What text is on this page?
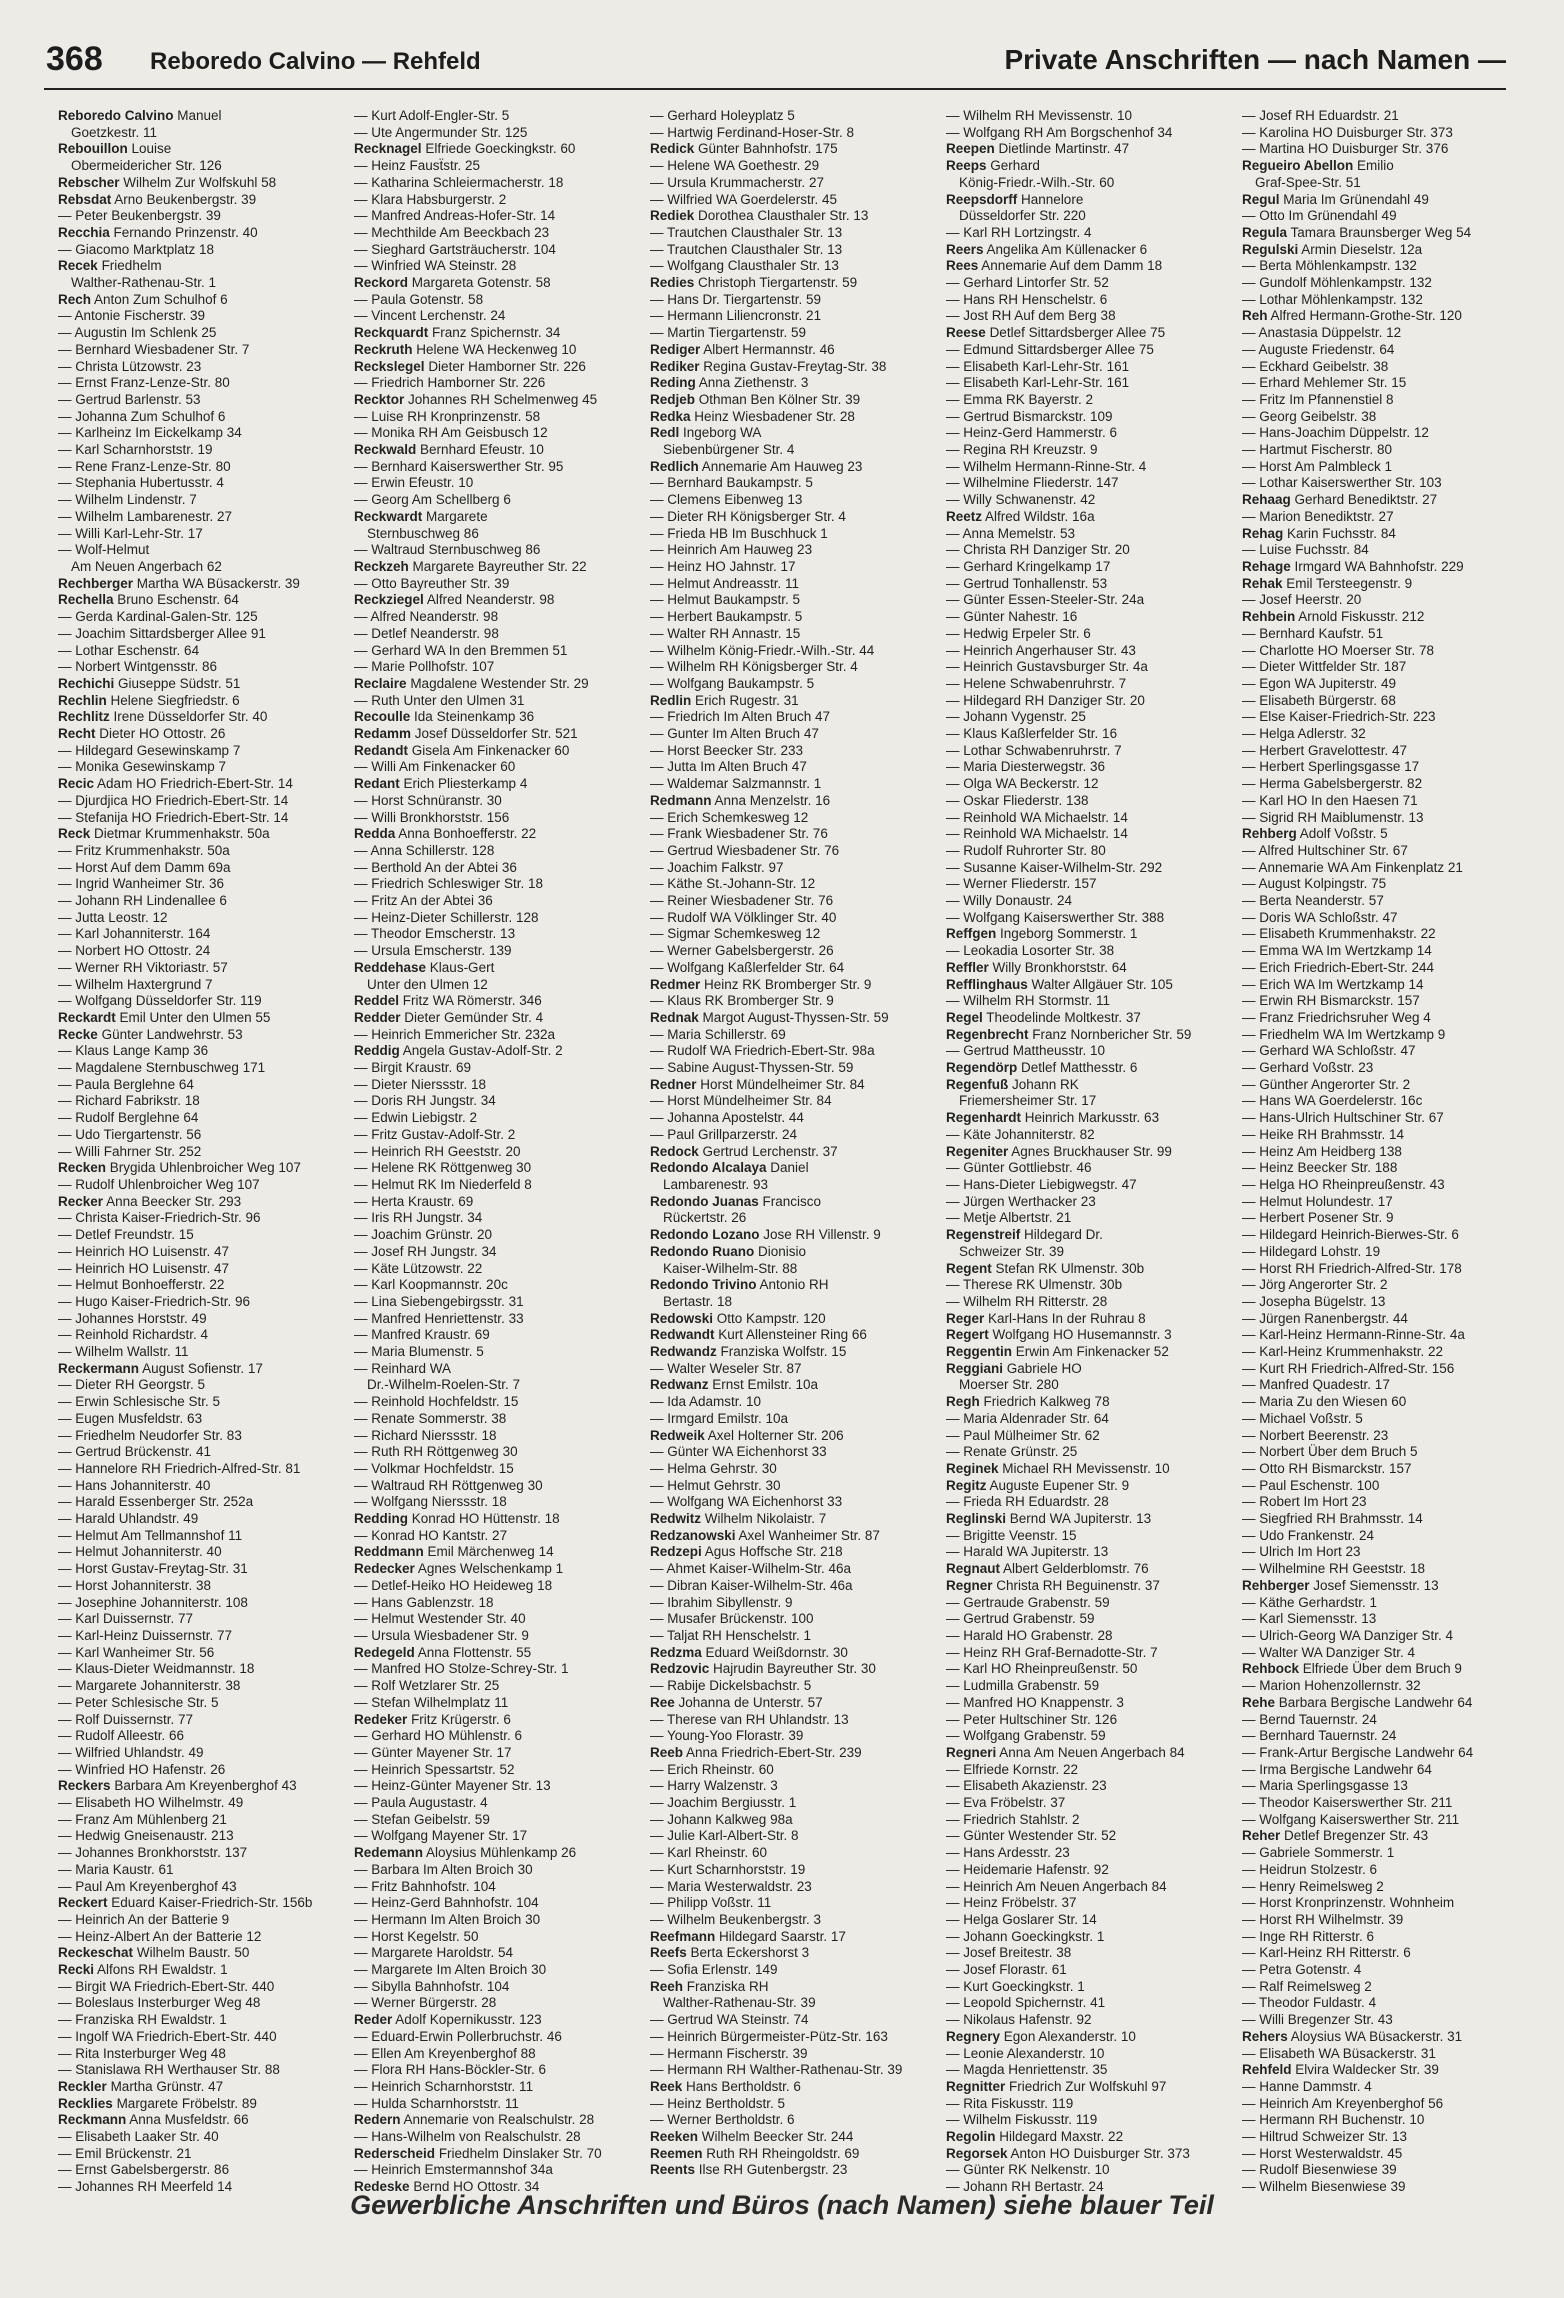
368 Reboredo Calvino — Rehfeld	Private Anschriften — nach Namen —
Reboredo Calvino Manuel
Goetzkestr. 11
Rebouillon Louise
Obermeidericher Str. 126
Rebscher Wilhelm Zur Wolfskuhl 58
Rebsdat Arno Beukenbergstr. 39
— Peter Beukenbergstr. 39
Recchia Fernando Prinzenstr. 40
— Giacomo Marktplatz 18
Recek Friedhelm
Walther-Rathenau-Str. 1
Rech Anton Zum Schulhof 6
— Antonie Fischerstr. 39
— Augustin Im Schlenk 25
— Bernhard Wiesbadener Str. 7
— Christa Lützowstr. 23
— Ernst Franz-Lenze-Str. 80
— Gertrud Barlenstr. 53
— Johanna Zum Schulhof 6
— Karlheinz Im Eickelkamp 34
— Karl Scharnhorststr. 19
— Rene Franz-Lenze-Str. 80
— Stephania Hubertusstr. 4
— Wilhelm Lindenstr. 7
— Wilhelm Lambarenestr. 27
— Willi Karl-Lehr-Str. 17
— Wolf-Helmut
Am Neuen Angerbach 62
Rechberger Martha WA Büsackerstr. 39
Rechella Bruno Eschenstr. 64
— Gerda Kardinal-Galen-Str. 125
— Joachim Sittardsberger Allee 91
— Lothar Eschenstr. 64
— Norbert Wintgensstr. 86
Rechichi Giuseppe Südstr. 51
Rechlin Helene Siegfriedstr. 6
Rechlitz Irene Düsseldorfer Str. 40
Recht Dieter HO Ottostr. 26
— Hildegard Gesewinskamp 7
— Monika Gesewinskamp 7
Recic Adam HO Friedrich-Ebert-Str. 14
— Djurdjica HO Friedrich-Ebert-Str. 14
— Stefanija HO Friedrich-Ebert-Str. 14
Reck Dietmar Krummenhakstr. 50a
— Fritz Krummenhakstr. 50a
— Horst Auf dem Damm 69a
— Ingrid Wanheimer Str. 36
— Johann RH Lindenallee 6
— Jutta Leostr. 12
— Karl Johanniterstr. 164
— Norbert HO Ottostr. 24
— Werner RH Viktoriastr. 57
— Wilhelm Haxtergrund 7
— Wolfgang Düsseldorfer Str. 119
Reckardt Emil Unter den Ulmen 55
Recke Günter Landwehrstr. 53
— Klaus Lange Kamp 36
— Magdalene Sternbuschweg 171
— Paula Berglehne 64
— Richard Fabrikstr. 18
— Rudolf Berglehne 64
— Udo Tiergartenstr. 56
— Willi Fahrner Str. 252
Recken Brygida Uhlenbroicher Weg 107
— Rudolf Uhlenbroicher Weg 107
Recker Anna Beecker Str. 293
— Christa Kaiser-Friedrich-Str. 96
— Detlef Freundstr. 15
— Heinrich HO Luisenstr. 47
— Heinrich HO Luisenstr. 47
— Helmut Bonhoefferstr. 22
— Hugo Kaiser-Friedrich-Str. 96
— Johannes Horststr. 49
— Reinhold Richardstr. 4
— Wilhelm Wallstr. 11
Reckermann August Sofienstr. 17
— Dieter RH Georgstr. 5
— Erwin Schlesische Str. 5
— Eugen Musfeldstr. 63
— Friedhelm Neudorfer Str. 83
— Gertrud Brückenstr. 41
— Hannelore RH Friedrich-Alfred-Str. 81
— Hans Johanniterstr. 40
— Harald Essenberger Str. 252a
— Harald Uhlandstr. 49
— Helmut Am Tellmannshof 11
— Helmut Johanniterstr. 40
— Horst Gustav-Freytag-Str. 31
— Horst Johanniterstr. 38
— Josephine Johanniterstr. 108
— Karl Duissernstr. 77
— Karl-Heinz Duissernstr. 77
— Karl Wanheimer Str. 56
— Klaus-Dieter Weidmannstr. 18
— Margarete Johanniterstr. 38
— Peter Schlesische Str. 5
— Rolf Duissernstr. 77
— Rudolf Alleestr. 66
— Wilfried Uhlandstr. 49
— Winfried HO Hafenstr. 26
Reckers Barbara Am Kreyenberghof 43
— Elisabeth HO Wilhelmstr. 49
— Franz Am Mühlenberg 21
— Hedwig Gneisenaustr. 213
— Johannes Bronkhorststr. 137
— Maria Kaustr. 61
— Paul Am Kreyenberghof 43
Reckert Eduard Kaiser-Friedrich-Str. 156b
— Heinrich An der Batterie 9
— Heinz-Albert An der Batterie 12
Reckeschat Wilhelm Baustr. 50
Recki Alfons RH Ewaldstr. 1
— Birgit WA Friedrich-Ebert-Str. 440
— Boleslaus Insterburger Weg 48
— Franziska RH Ewaldstr. 1
— Ingolf WA Friedrich-Ebert-Str. 440
— Rita Insterburger Weg 48
— Stanislawa RH Werthauser Str. 88
Reckler Martha Grünstr. 47
Recklies Margarete Fröbelstr. 89
Reckmann Anna Musfeldstr. 66
— Elisabeth Laaker Str. 40
— Emil Brückenstr. 21
— Ernst Gabelsbergerstr. 86
— Johannes RH Meerfeld 14
— Kurt Adolf-Engler-Str. 5
— Ute Angermunder Str. 125
Recknagel Elfriede Goeckingkstr. 60
— Heinz Fausẗstr. 25
— Katharina Schleiermacherstr. 18
— Klara Habsburgerstr. 2
— Manfred Andreas-Hofer-Str. 14
— Mechthilde Am Beeckbach 23
— Sieghard Gartsträucherstr. 104
— Winfried WA Steinstr. 28
Reckord Margareta Gotenstr. 58
— Paula Gotenstr. 58
— Vincent Lerchenstr. 24
Reckquardt Franz Spichernstr. 34
Reckruth Helene WA Heckenweg 10
Reckslegel Dieter Hamborner Str. 226
— Friedrich Hamborner Str. 226
Recktor Johannes RH Schelmenweg 45
— Luise RH Kronprinzenstr. 58
— Monika RH Am Geisbusch 12
Reckwald Bernhard Efeustr. 10
— Bernhard Kaiserswerther Str. 95
— Erwin Efeustr. 10
— Georg Am Schellberg 6
Reckwardt Margarete
Sternbuschweg 86
— Waltraud Sternbuschweg 86
Reckzeh Margarete Bayreuther Str. 22
— Otto Bayreuther Str. 39
Reckziegel Alfred Neanderstr. 98
— Alfred Neanderstr. 98
— Detlef Neanderstr. 98
— Gerhard WA In den Bremmen 51
— Marie Pollhofstr. 107
Reclaire Magdalene Westender Str. 29
— Ruth Unter den Ulmen 31
Recoulle Ida Steinenkamp 36
Redamm Josef Düsseldorfer Str. 521
Redandt Gisela Am Finkenacker 60
— Willi Am Finkenacker 60
Redant Erich Pliesterkamp 4
— Horst Schnüranstr. 30
— Willi Bronkhorststr. 156
Redda Anna Bonhoefferstr. 22
— Anna Schillerstr. 128
— Berthold An der Abtei 36
— Friedrich Schleswiger Str. 18
— Fritz An der Abtei 36
— Heinz-Dieter Schillerstr. 128
— Theodor Emscherstr. 13
— Ursula Emscherstr. 139
Reddehase Klaus-Gert
Unter den Ulmen 12
Reddel Fritz WA Römerstr. 346
Redder Dieter Gemünder Str. 4
— Heinrich Emmericher Str. 232a
Reddig Angela Gustav-Adolf-Str. 2
— Birgit Kraustr. 69
— Dieter Nierssstr. 18
— Doris RH Jungstr. 34
— Edwin Liebigstr. 2
— Fritz Gustav-Adolf-Str. 2
— Heinrich RH Geeststr. 20
— Helene RK Röttgenweg 30
— Helmut RK Im Niederfeld 8
— Herta Kraustr. 69
— Iris RH Jungstr. 34
— Joachim Grünstr. 20
— Josef RH Jungstr. 34
— Käte Lützowstr. 22
— Karl Koopmannstr. 20c
— Lina Siebengebirgsstr. 31
— Manfred Henriettenstr. 33
— Manfred Kraustr. 69
— Maria Blumenstr. 5
— Reinhard WA
Dr.-Wilhelm-Roelen-Str. 7
— Reinhold Hochfeldstr. 15
— Renate Sommerstr. 38
— Richard Nierssstr. 18
— Ruth RH Röttgenweg 30
— Volkmar Hochfeldstr. 15
— Waltraud RH Röttgenweg 30
— Wolfgang Nierssstr. 18
Redding Konrad HO Hüttenstr. 18
— Konrad HO Kantstr. 27
Reddmann Emil Märchenweg 14
Redecker Agnes Welschenkamp 1
— Detlef-Heiko HO Heideweg 18
— Hans Gablenzstr. 18
— Helmut Westender Str. 40
— Ursula Wiesbadener Str. 9
Redegeld Anna Flottenstr. 55
— Manfred HO Stolze-Schrey-Str. 1
— Rolf Wetzlarer Str. 25
— Stefan Wilhelmplatz 11
Redeker Fritz Krügerstr. 6
— Gerhard HO Mühlenstr. 6
— Günter Mayener Str. 17
— Heinrich Spessartstr. 52
— Heinz-Günter Mayener Str. 13
— Paula Augustastr. 4
— Stefan Geibelstr. 59
— Wolfgang Mayener Str. 17
Redemann Aloysius Mühlenkamp 26
— Barbara Im Alten Broich 30
— Fritz Bahnhofstr. 104
— Heinz-Gerd Bahnhofstr. 104
— Hermann Im Alten Broich 30
— Horst Kegelstr. 50
— Margarete Haroldstr. 54
— Margarete Im Alten Broich 30
— Sibylla Bahnhofstr. 104
— Werner Bürgerstr. 28
Reder Adolf Kopernikusstr. 123
— Eduard-Erwin Pollerbruchstr. 46
— Ellen Am Kreyenberghof 88
— Flora RH Hans-Böckler-Str. 6
— Heinrich Scharnhorststr. 11
— Hulda Scharnhorststr. 11
Redern Annemarie von Realschulstr. 28
— Hans-Wilhelm von Realschulstr. 28
Rederscheid Friedhelm Dinslaker Str. 70
— Heinrich Emstermannshof 34a
Redeske Bernd HO Ottostr. 34
— Gerhard Holeyplatz 5
— Hartwig Ferdinand-Hoser-Str. 8
Redick Günter Bahnhofstr. 175
— Helene WA Goethestr. 29
— Ursula Krummacherstr. 27
— Wilfried WA Goerdelerstr. 45
Rediek Dorothea Clausthaler Str. 13
— Trautchen Clausthaler Str. 13
— Trautchen Clausthaler Str. 13
— Wolfgang Clausthaler Str. 13
Redies Christoph Tiergartenstr. 59
— Hans Dr. Tiergartenstr. 59
— Hermann Liliencronstr. 21
— Martin Tiergartenstr. 59
Rediger Albert Hermannstr. 46
Rediker Regina Gustav-Freytag-Str. 38
Reding Anna Ziethenstr. 3
Redjeb Othman Ben Kölner Str. 39
Redka Heinz Wiesbadener Str. 28
Redl Ingeborg WA
Siebenbürgener Str. 4
Redlich Annemarie Am Hauweg 23
— Bernhard Baukampstr. 5
— Clemens Eibenweg 13
— Dieter RH Königsberger Str. 4
— Frieda HB Im Buschhuck 1
— Heinrich Am Hauweg 23
— Heinz HO Jahnstr. 17
— Helmut Andreasstr. 11
— Helmut Baukampstr. 5
— Herbert Baukampstr. 5
— Walter RH Annastr. 15
— Wilhelm König-Friedr.-Wilh.-Str. 44
— Wilhelm RH Königsberger Str. 4
— Wolfgang Baukampstr. 5
Redlin Erich Rugestr. 31
— Friedrich Im Alten Bruch 47
— Gunter Im Alten Bruch 47
— Horst Beecker Str. 233
— Jutta Im Alten Bruch 47
— Waldemar Salzmannstr. 1
Redmann Anna Menzelstr. 16
— Erich Schemkesweg 12
— Frank Wiesbadener Str. 76
— Gertrud Wiesbadener Str. 76
— Joachim Falkstr. 97
— Käthe St.-Johann-Str. 12
— Reiner Wiesbadener Str. 76
— Rudolf WA Völklinger Str. 40
— Sigmar Schemkesweg 12
— Werner Gabelsbergerstr. 26
— Wolfgang Kaßlerfelder Str. 64
Redmer Heinz RK Bromberger Str. 9
— Klaus RK Bromberger Str. 9
Rednak Margot August-Thyssen-Str. 59
— Maria Schillerstr. 69
— Rudolf WA Friedrich-Ebert-Str. 98a
— Sabine August-Thyssen-Str. 59
Redner Horst Mündelheimer Str. 84
— Horst Mündelheimer Str. 84
— Johanna Apostelstr. 44
— Paul Grillparzerstr. 24
Redock Gertrud Lerchenstr. 37
Redondo Alcalaya Daniel
Lambarenestr. 93
Redondo Juanas Francisco
Rückertstr. 26
Redondo Lozano Jose RH Villenstr. 9
Redondo Ruano Dionisio
Kaiser-Wilhelm-Str. 88
Redondo Trivino Antonio RH
Bertastr. 18
Redowski Otto Kampstr. 120
Redwandt Kurt Allensteiner Ring 66
Redwandz Franziska Wolfstr. 15
— Walter Weseler Str. 87
Redwanz Ernst Emilstr. 10a
— Ida Adamstr. 10
— Irmgard Emilstr. 10a
Redweik Axel Holterner Str. 206
— Günter WA Eichenhorst 33
— Helma Gehrstr. 30
— Helmut Gehrstr. 30
— Wolfgang WA Eichenhorst 33
Redwitz Wilhelm Nikolaistr. 7
Redzanowski Axel Wanheimer Str. 87
Redzepi Agus Hoffsche Str. 218
— Ahmet Kaiser-Wilhelm-Str. 46a
— Dibran Kaiser-Wilhelm-Str. 46a
— Ibrahim Sibyllenstr. 9
— Musafer Brückenstr. 100
— Taljat RH Henschelstr. 1
Redzma Eduard Weißdornstr. 30
Redzovic Hajrudin Bayreuther Str. 30
— Rabije Dickelsbachstr. 5
Ree Johanna de Unterstr. 57
— Therese van RH Uhlandstr. 13
— Young-Yoo Florastr. 39
Reeb Anna Friedrich-Ebert-Str. 239
— Erich Rheinstr. 60
— Harry Walzenstr. 3
— Joachim Bergiusstr. 1
— Johann Kalkweg 98a
— Julie Karl-Albert-Str. 8
— Karl Rheinstr. 60
— Kurt Scharnhorststr. 19
— Maria Westerwaldstr. 23
— Philipp Voßstr. 11
— Wilhelm Beukenbergstr. 3
Reefmann Hildegard Saarstr. 17
Reefs Berta Eckershorst 3
— Sofia Erlenstr. 149
Reeh Franziska RH
Walther-Rathenau-Str. 39
— Gertrud WA Steinstr. 74
— Heinrich Bürgermeister-Pütz-Str. 163
— Hermann Fischerstr. 39
— Hermann RH Walther-Rathenau-Str. 39
Reek Hans Bertholdstr. 6
— Heinz Bertholdstr. 5
— Werner Bertholdstr. 6
Reeken Wilhelm Beecker Str. 244
Reemen Ruth RH Rheingoldstr. 69
Reents Ilse RH Gutenbergstr. 23
— Wilhelm RH Mevissenstr. 10
— Wolfgang RH Am Borgschenhof 34
Reepen Dietlinde Martinstr. 47
Reeps Gerhard
König-Friedr.-Wilh.-Str. 60
Reepsdorff Hannelore
Düsseldorfer Str. 220
— Karl RH Lortzingstr. 4
Reers Angelika Am Küllenacker 6
Rees Annemarie Auf dem Damm 18
— Gerhard Lintorfer Str. 52
— Hans RH Henschelstr. 6
— Jost RH Auf dem Berg 38
Reese Detlef Sittardsberger Allee 75
— Edmund Sittardsberger Allee 75
— Elisabeth Karl-Lehr-Str. 161
— Elisabeth Karl-Lehr-Str. 161
— Emma RK Bayerstr. 2
— Gertrud Bismarckstr. 109
— Heinz-Gerd Hammerstr. 6
— Regina RH Kreuzstr. 9
— Wilhelm Hermann-Rinne-Str. 4
— Wilhelmine Fliederstr. 147
— Willy Schwanenstr. 42
Reetz Alfred Wildstr. 16a
— Anna Memelstr. 53
— Christa RH Danziger Str. 20
— Gerhard Kringelkamp 17
— Gertrud Tonhallenstr. 53
— Günter Essen-Steeler-Str. 24a
— Günter Nahestr. 16
— Hedwig Erpeler Str. 6
— Heinrich Angerhauser Str. 43
— Heinrich Gustavsburger Str. 4a
— Helene Schwabenruhrstr. 7
— Hildegard RH Danziger Str. 20
— Johann Vygenstr. 25
— Klaus Kaßlerfelder Str. 16
— Lothar Schwabenruhrstr. 7
— Maria Diesterwegstr. 36
— Olga WA Beckerstr. 12
— Oskar Fliederstr. 138
— Reinhold WA Michaelstr. 14
— Reinhold WA Michaelstr. 14
— Rudolf Ruhrorter Str. 80
— Susanne Kaiser-Wilhelm-Str. 292
— Werner Fliederstr. 157
— Willy Donaustr. 24
— Wolfgang Kaiserswerther Str. 388
Reffgen Ingeborg Sommerstr. 1
— Leokadia Losorter Str. 38
Reffler Willy Bronkhorststr. 64
Refflinghaus Walter Allgäuer Str. 105
— Wilhelm RH Stormstr. 11
Regel Theodelinde Moltkestr. 37
Regenbrecht Franz Nornbericher Str. 59
— Gertrud Mattheusstr. 10
Regendörp Detlef Matthesstr. 6
Regenfuß Johann RK
Friemersheimer Str. 17
Regenhardt Heinrich Markusstr. 63
— Käte Johanniterstr. 82
Regeniter Agnes Bruckhauser Str. 99
— Günter Gottliebstr. 46
— Hans-Dieter Liebigwegstr. 47
— Jürgen Werthacker 23
— Metje Albertstr. 21
Regenstreif Hildegard Dr.
Schweizer Str. 39
Regent Stefan RK Ulmenstr. 30b
— Therese RK Ulmenstr. 30b
— Wilhelm RH Ritterstr. 28
Reger Karl-Hans In der Ruhrau 8
Regert Wolfgang HO Husemannstr. 3
Reggentin Erwin Am Finkenacker 52
Reggiani Gabriele HO
Moerser Str. 280
Regh Friedrich Kalkweg 78
— Maria Aldenrader Str. 64
— Paul Mülheimer Str. 62
— Renate Grünstr. 25
Reginek Michael RH Mevissenstr. 10
Regitz Auguste Eupener Str. 9
— Frieda RH Eduardstr. 28
Reglinski Bernd WA Jupiterstr. 13
— Brigitte Veenstr. 15
— Harald WA Jupiterstr. 13
Regnaut Albert Gelderblomstr. 76
Regner Christa RH Beguinenstr. 37
— Gertraude Grabenstr. 59
— Gertrud Grabenstr. 59
— Harald HO Grabenstr. 28
— Heinz RH Graf-Bernadotte-Str. 7
— Karl HO Rheinpreußenstr. 50
— Ludmilla Grabenstr. 59
— Manfred HO Knappenstr. 3
— Peter Hultschiner Str. 126
— Wolfgang Grabenstr. 59
Regneri Anna Am Neuen Angerbach 84
— Elfriede Kornstr. 22
— Elisabeth Akazienstr. 23
— Eva Fröbelstr. 37
— Friedrich Stahlstr. 2
— Günter Westender Str. 52
— Hans Ardesstr. 23
— Heidemarie Hafenstr. 92
— Heinrich Am Neuen Angerbach 84
— Heinz Fröbelstr. 37
— Helga Goslarer Str. 14
— Johann Goeckingkstr. 1
— Josef Breitestr. 38
— Josef Florastr. 61
— Kurt Goeckingkstr. 1
— Leopold Spichernstr. 41
— Nikolaus Hafenstr. 92
Regnery Egon Alexanderstr. 10
— Leonie Alexanderstr. 10
— Magda Henriettenstr. 35
Regnitter Friedrich Zur Wolfskuhl 97
— Rita Fiskusstr. 119
— Wilhelm Fiskusstr. 119
Regolin Hildegard Maxstr. 22
Regorsek Anton HO Duisburger Str. 373
— Günter RK Nelkenstr. 10
— Johann RH Bertastr. 24
— Josef RH Eduardstr. 21
— Karolina HO Duisburger Str. 373
— Martina HO Duisburger Str. 376
Regueiro Abellon Emilio
Graf-Spee-Str. 51
Regul Maria Im Grünendahl 49
— Otto Im Grünendahl 49
Regula Tamara Braunsberger Weg 54
Regulski Armin Dieselstr. 12a
— Berta Möhlenkampstr. 132
— Gundolf Möhlenkampstr. 132
— Lothar Möhlenkampstr. 132
Reh Alfred Hermann-Grothe-Str. 120
— Anastasia Düppelstr. 12
— Auguste Friedenstr. 64
— Eckhard Geibelstr. 38
— Erhard Mehlemer Str. 15
— Fritz Im Pfannenstiel 8
— Georg Geibelstr. 38
— Hans-Joachim Düppelstr. 12
— Hartmut Fischerstr. 80
— Horst Am Palmbleck 1
— Lothar Kaiserswerther Str. 103
Rehaag Gerhard Benediktstr. 27
— Marion Benediktstr. 27
Rehag Karin Fuchsstr. 84
— Luise Fuchsstr. 84
Rehage Irmgard WA Bahnhofstr. 229
Rehak Emil Tersteegenstr. 9
— Josef Heerstr. 20
Rehbein Arnold Fiskusstr. 212
— Bernhard Kaufstr. 51
— Charlotte HO Moerser Str. 78
— Dieter Wittfelder Str. 187
— Egon WA Jupiterstr. 49
— Elisabeth Bürgerstr. 68
— Else Kaiser-Friedrich-Str. 223
— Helga Adlerstr. 32
— Herbert Gravelottestr. 47
— Herbert Sperlingsgasse 17
— Herma Gabelsbergerstr. 82
— Karl HO In den Haesen 71
— Sigrid RH Maiblumenstr. 13
Rehberg Adolf Voßstr. 5
— Alfred Hultschiner Str. 67
— Annemarie WA Am Finkenplatz 21
— August Kolpingstr. 75
— Berta Neanderstr. 57
— Doris WA Schloßstr. 47
— Elisabeth Krummenhakstr. 22
— Emma WA Im Wertzkamp 14
— Erich Friedrich-Ebert-Str. 244
— Erich WA Im Wertzkamp 14
— Erwin RH Bismarckstr. 157
— Franz Friedrichsruher Weg 4
— Friedhelm WA Im Wertzkamp 9
— Gerhard WA Schloßstr. 47
— Gerhard Voßstr. 23
— Günther Angerorter Str. 2
— Hans WA Goerdelerstr. 16c
— Hans-Ulrich Hultschiner Str. 67
— Heike RH Brahmsstr. 14
— Heinz Am Heidberg 138
— Heinz Beecker Str. 188
— Helga HO Rheinpreußenstr. 43
— Helmut Holundestr. 17
— Herbert Posener Str. 9
— Hildegard Heinrich-Bierwes-Str. 6
— Hildegard Lohstr. 19
— Horst RH Friedrich-Alfred-Str. 178
— Jörg Angerorter Str. 2
— Josepha Bügelstr. 13
— Jürgen Ranenbergstr. 44
— Karl-Heinz Hermann-Rinne-Str. 4a
— Karl-Heinz Krummenhakstr. 22
— Kurt RH Friedrich-Alfred-Str. 156
— Manfred Quadestr. 17
— Maria Zu den Wiesen 60
— Michael Voßstr. 5
— Norbert Beerenstr. 23
— Norbert Über dem Bruch 5
— Otto RH Bismarckstr. 157
— Paul Eschenstr. 100
— Robert Im Hort 23
— Siegfried RH Brahmsstr. 14
— Udo Frankenstr. 24
— Ulrich Im Hort 23
— Wilhelmine RH Geeststr. 18
Rehberger Josef Siemensstr. 13
— Käthe Gerhardstr. 1
— Karl Siemensstr. 13
— Ulrich-Georg WA Danziger Str. 4
— Walter WA Danziger Str. 4
Rehbock Elfriede Über dem Bruch 9
— Marion Hohenzollernstr. 32
Rehe Barbara Bergische Landwehr 64
— Bernd Tauernstr. 24
— Bernhard Tauernstr. 24
— Frank-Artur Bergische Landwehr 64
— Irma Bergische Landwehr 64
— Maria Sperlingsgasse 13
— Theodor Kaiserswerther Str. 211
— Wolfgang Kaiserswerther Str. 211
Reher Detlef Bregenzer Str. 43
— Gabriele Sommerstr. 1
— Heidrun Stolzestr. 6
— Henry Reimelsweg 2
— Horst Kronprinzenstr. Wohnheim
— Horst RH Wilhelmstr. 39
— Inge RH Ritterstr. 6
— Karl-Heinz RH Ritterstr. 6
— Petra Gotenstr. 4
— Ralf Reimelsweg 2
— Theodor Fuldastr. 4
— Willi Bregenzer Str. 43
Rehers Aloysius WA Büsackerstr. 31
— Elisabeth WA Büsackerstr. 31
Rehfeld Elvira Waldecker Str. 39
— Hanne Dammstr. 4
— Heinrich Am Kreyenberghof 56
— Hermann RH Buchenstr. 10
— Hiltrud Schweizer Str. 13
— Horst Westerwaldstr. 45
— Rudolf Biesenwiese 39
— Wilhelm Biesenwiese 39
Gewerbliche Anschriften und Büros (nach Namen) siehe blauer Teil
